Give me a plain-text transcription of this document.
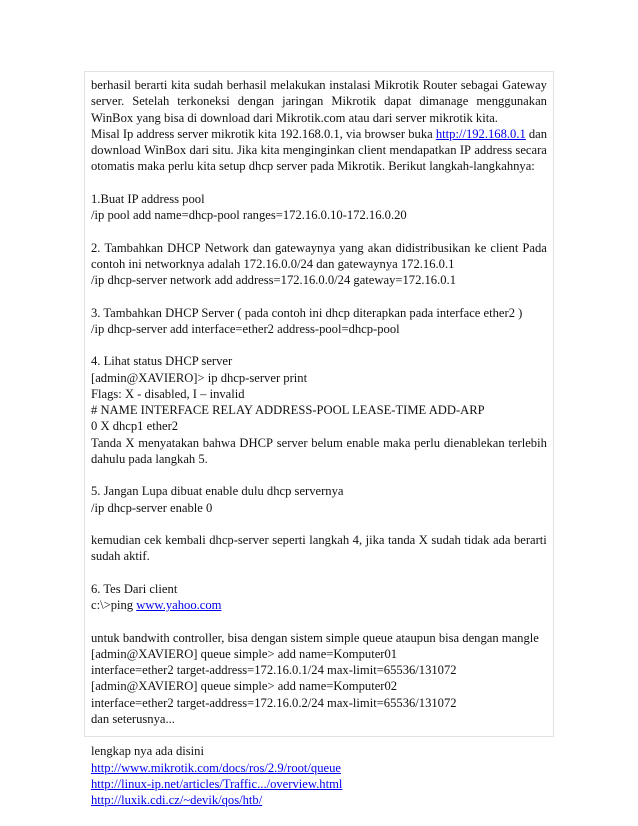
berhasil berarti kita sudah berhasil melakukan instalasi Mikrotik Router sebagai Gateway
server. Setelah terkoneksi dengan jaringan Mikrotik dapat dimanage menggunakan
WinBox yang bisa di download dari Mikrotik.com atau dari server mikrotik kita.
Misal Ip address server mikrotik kita 192.168.0.1, via browser buka http://192.168.0.1 dan
download WinBox dari situ. Jika kita menginginkan client mendapatkan IP address secara
otomatis maka perlu kita setup dhcp server pada Mikrotik. Berikut langkah-langkahnya:
1.Buat IP address pool
/ip pool add name=dhcp-pool ranges=172.16.0.10-172.16.0.20
2. Tambahkan DHCP Network dan gatewaynya yang akan didistribusikan ke client Pada
contoh ini networknya adalah 172.16.0.0/24 dan gatewaynya 172.16.0.1
/ip dhcp-server network add address=172.16.0.0/24 gateway=172.16.0.1
3. Tambahkan DHCP Server ( pada contoh ini dhcp diterapkan pada interface ether2 )
/ip dhcp-server add interface=ether2 address-pool=dhcp-pool
4. Lihat status DHCP server
[admin@XAVIERO]> ip dhcp-server print
Flags: X - disabled, I – invalid
# NAME INTERFACE RELAY ADDRESS-POOL LEASE-TIME ADD-ARP
0 X dhcp1 ether2
Tanda X menyatakan bahwa DHCP server belum enable maka perlu dienablekan terlebih
dahulu pada langkah 5.
5. Jangan Lupa dibuat enable dulu dhcp servernya
/ip dhcp-server enable 0
kemudian cek kembali dhcp-server seperti langkah 4, jika tanda X sudah tidak ada berarti
sudah aktif.
6. Tes Dari client
c:\>ping www.yahoo.com
untuk bandwith controller, bisa dengan sistem simple queue ataupun bisa dengan mangle
[admin@XAVIERO] queue simple> add name=Komputer01
interface=ether2 target-address=172.16.0.1/24 max-limit=65536/131072
[admin@XAVIERO] queue simple> add name=Komputer02
interface=ether2 target-address=172.16.0.2/24 max-limit=65536/131072
dan seterusnya...
lengkap nya ada disini
http://www.mikrotik.com/docs/ros/2.9/root/queue
http://linux-ip.net/articles/Traffic.../overview.html
http://luxik.cdi.cz/~devik/qos/htb/
